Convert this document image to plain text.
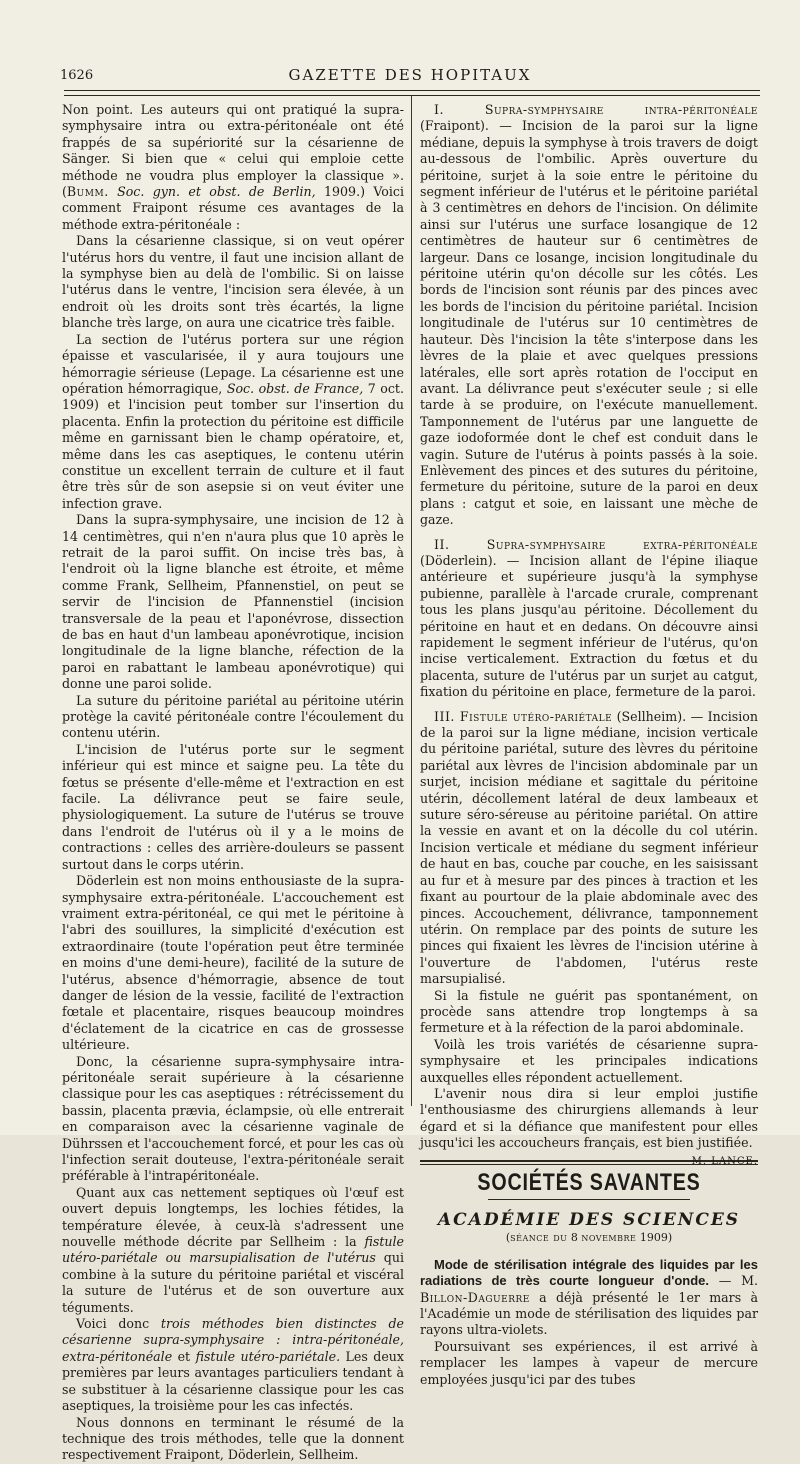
1626	GAZETTE DES HOPITAUX

Non point. Les auteurs qui ont pratiqué la supra-symphysaire intra ou extra-péritonéale ont été frappés de sa supériorité sur la césarienne de Sänger. Si bien que « celui qui emploie cette méthode ne voudra plus employer la classique ». (Bumm. Soc. gyn. et obst. de Berlin, 1909.) Voici comment Fraipont résume ces avantages de la méthode extra-péritonéale :

Dans la césarienne classique, si on veut opérer l'utérus hors du ventre, il faut une incision allant de la symphyse bien au delà de l'ombilic. Si on laisse l'utérus dans le ventre, l'incision sera élevée, à un endroit où les droits sont très écartés, la ligne blanche très large, on aura une cicatrice très faible.

La section de l'utérus portera sur une région épaisse et vascularisée, il y aura toujours une hémorragie sérieuse (Lepage. La césarienne est une opération hémorragique, Soc. obst. de France, 7 oct. 1909) et l'incision peut tomber sur l'insertion du placenta. Enfin la protection du péritoine est difficile même en garnissant bien le champ opératoire, et, même dans les cas aseptiques, le contenu utérin constitue un excellent terrain de culture et il faut être très sûr de son asepsie si on veut éviter une infection grave.

Dans la supra-symphysaire, une incision de 12 à 14 centimètres, qui n'en n'aura plus que 10 après le retrait de la paroi suffit. On incise très bas, à l'endroit où la ligne blanche est étroite, et même comme Frank, Sellheim, Pfannenstiel, on peut se servir de l'incision de Pfannenstiel (incision transversale de la peau et l'aponévrose, dissection de bas en haut d'un lambeau aponévrotique, incision longitudinale de la ligne blanche, réfection de la paroi en rabattant le lambeau aponévrotique) qui donne une paroi solide.

La suture du péritoine pariétal au péritoine utérin protège la cavité péritonéale contre l'écoulement du contenu utérin.

L'incision de l'utérus porte sur le segment inférieur qui est mince et saigne peu. La tête du fœtus se présente d'elle-même et l'extraction en est facile. La délivrance peut se faire seule, physiologiquement. La suture de l'utérus se trouve dans l'endroit de l'utérus où il y a le moins de contractions : celles des arrière-douleurs se passent surtout dans le corps utérin.

Döderlein est non moins enthousiaste de la supra-symphysaire extra-péritonéale. L'accouchement est vraiment extra-péritonéal, ce qui met le péritoine à l'abri des souillures, la simplicité d'exécution est extraordinaire (toute l'opération peut être terminée en moins d'une demi-heure), facilité de la suture de l'utérus, absence d'hémorragie, absence de tout danger de lésion de la vessie, facilité de l'extraction fœtale et placentaire, risques beaucoup moindres d'éclatement de la cicatrice en cas de grossesse ultérieure.

Donc, la césarienne supra-symphysaire intra-péritonéale serait supérieure à la césarienne classique pour les cas aseptiques : rétrécissement du bassin, placenta prævia, éclampsie, où elle entrerait en comparaison avec la césarienne vaginale de Dührssen et l'accouchement forcé, et pour les cas où l'infection serait douteuse, l'extra-péritonéale serait préférable à l'intrapéritonéale.

Quant aux cas nettement septiques où l'œuf est ouvert depuis longtemps, les lochies fétides, la température élevée, à ceux-là s'adressent une nouvelle méthode décrite par Sellheim : la fistule utéro-pariétale ou marsupialisation de l'utérus qui combine à la suture du péritoine pariétal et viscéral la suture de l'utérus et de son ouverture aux téguments.

Voici donc trois méthodes bien distinctes de césarienne supra-symphysaire : intra-péritonéale, extra-péritonéale et fistule utéro-pariétale. Les deux premières par leurs avantages particuliers tendant à se substituer à la césarienne classique pour les cas aseptiques, la troisième pour les cas infectés.

Nous donnons en terminant le résumé de la technique des trois méthodes, telle que la donnent respectivement Fraipont, Döderlein, Sellheim.

I. Supra-symphysaire intra-péritonéale (Fraipont). — Incision de la paroi sur la ligne médiane, depuis la symphyse à trois travers de doigt au-dessous de l'ombilic. Après ouverture du péritoine, surjet à la soie entre le péritoine du segment inférieur de l'utérus et le péritoine pariétal à 3 centimètres en dehors de l'incision. On délimite ainsi sur l'utérus une surface losangique de 12 centimètres de hauteur sur 6 centimètres de largeur. Dans ce losange, incision longitudinale du péritoine utérin qu'on décolle sur les côtés. Les bords de l'incision sont réunis par des pinces avec les bords de l'incision du péritoine pariétal. Incision longitudinale de l'utérus sur 10 centimètres de hauteur. Dès l'incision la tête s'interpose dans les lèvres de la plaie et avec quelques pressions latérales, elle sort après rotation de l'occiput en avant. La délivrance peut s'exécuter seule ; si elle tarde à se produire, on l'exécute manuellement. Tamponnement de l'utérus par une languette de gaze iodoformée dont le chef est conduit dans le vagin. Suture de l'utérus à points passés à la soie. Enlèvement des pinces et des sutures du péritoine, fermeture du péritoine, suture de la paroi en deux plans : catgut et soie, en laissant une mèche de gaze.

II. Supra-symphysaire extra-péritonéale (Döderlein). — Incision allant de l'épine iliaque antérieure et supérieure jusqu'à la symphyse pubienne, parallèle à l'arcade crurale, comprenant tous les plans jusqu'au péritoine. Décollement du péritoine en haut et en dedans. On découvre ainsi rapidement le segment inférieur de l'utérus, qu'on incise verticalement. Extraction du fœtus et du placenta, suture de l'utérus par un surjet au catgut, fixation du péritoine en place, fermeture de la paroi.

III. Fistule utéro-pariétale (Sellheim). — Incision de la paroi sur la ligne médiane, incision verticale du péritoine pariétal, suture des lèvres du péritoine pariétal aux lèvres de l'incision abdominale par un surjet, incision médiane et sagittale du péritoine utérin, décollement latéral de deux lambeaux et suture séro-séreuse au péritoine pariétal. On attire la vessie en avant et on la décolle du col utérin. Incision verticale et médiane du segment inférieur de haut en bas, couche par couche, en les saisissant au fur et à mesure par des pinces à traction et les fixant au pourtour de la plaie abdominale avec des pinces. Accouchement, délivrance, tamponnement utérin. On remplace par des points de suture les pinces qui fixaient les lèvres de l'incision utérine à l'ouverture de l'abdomen, l'utérus reste marsupialisé.

Si la fistule ne guérit pas spontanément, on procède sans attendre trop longtemps à sa fermeture et à la réfection de la paroi abdominale.

Voilà les trois variétés de césarienne supra-symphysaire et les principales indications auxquelles elles répondent actuellement.

L'avenir nous dira si leur emploi justifie l'enthousiasme des chirurgiens allemands à leur égard et si la défiance que manifestent pour elles jusqu'ici les accoucheurs français, est bien justifiée.
M. LANCE.

SOCIÉTÉS SAVANTES
ACADÉMIE DES SCIENCES
(séance du 8 novembre 1909)

Mode de stérilisation intégrale des liquides par les radiations de très courte longueur d'onde. — M. Billon-Daguerre a déjà présenté le 1er mars à l'Académie un mode de stérilisation des liquides par rayons ultra-violets.

Poursuivant ses expériences, il est arrivé à remplacer les lampes à vapeur de mercure employées jusqu'ici par des tubes
